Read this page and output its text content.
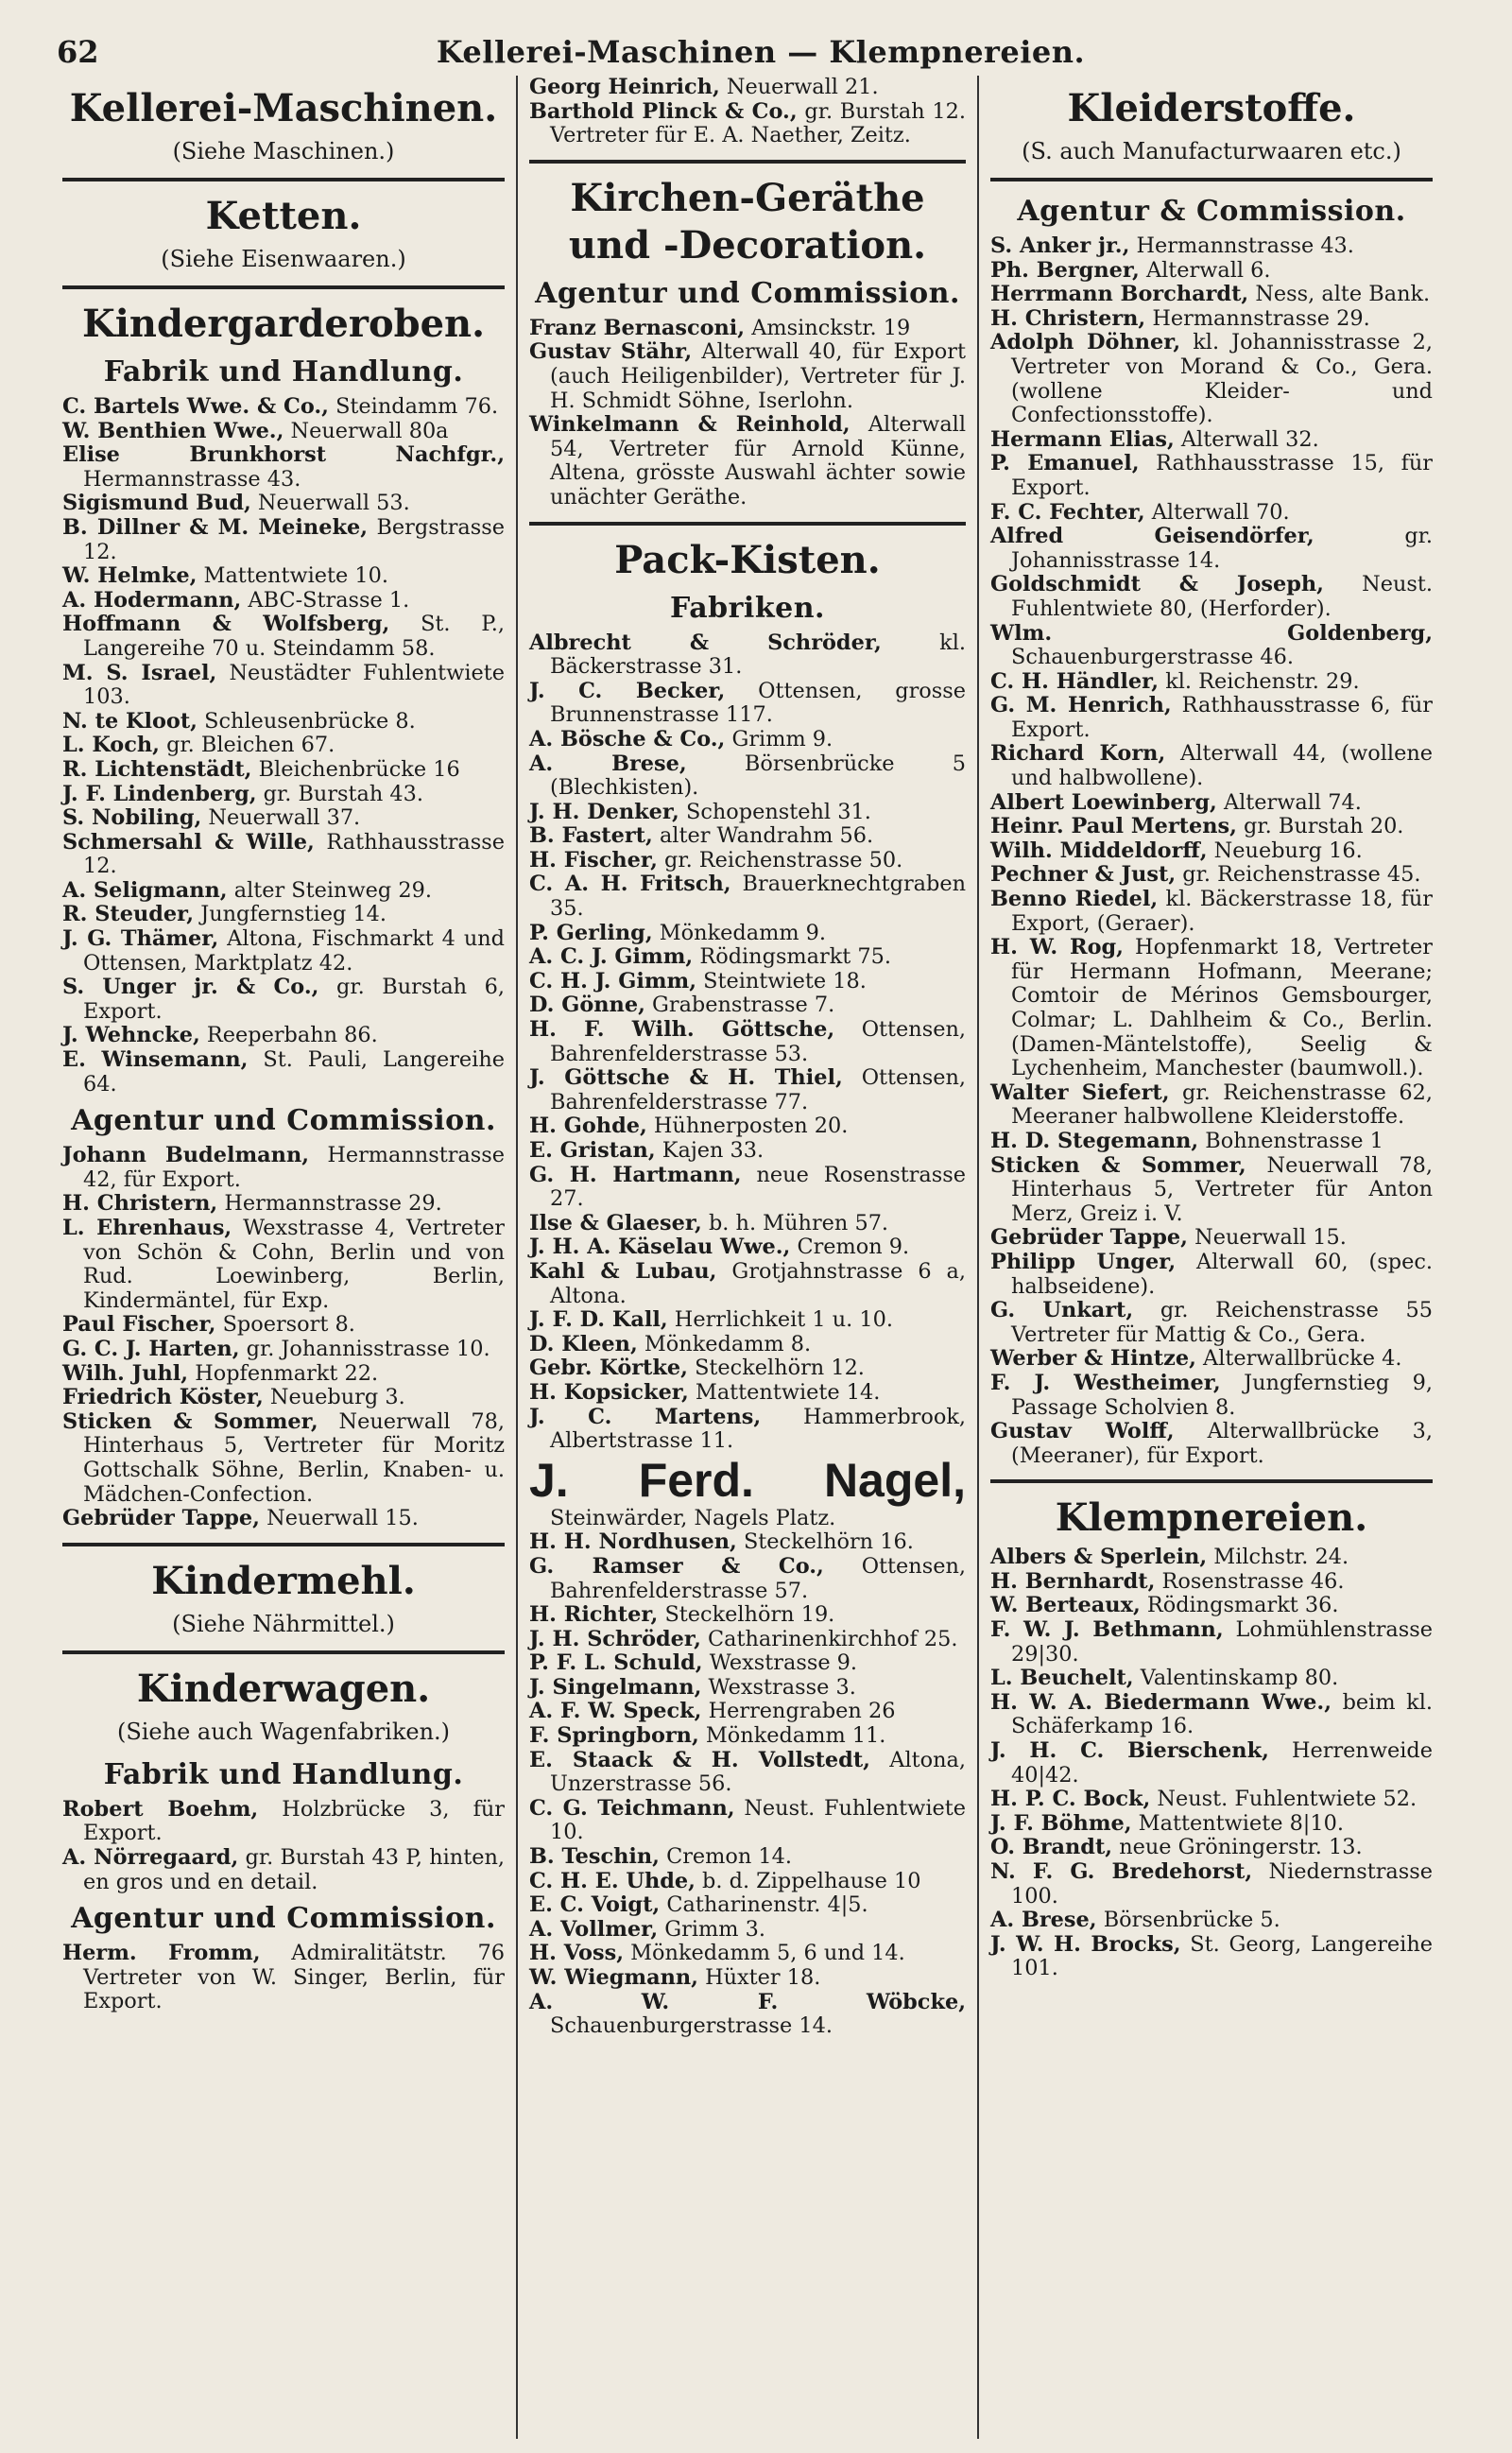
62	Kellerei-Maschinen — Klempnereien.
Kellerei-Maschinen.
(Siehe Maschinen.)
Ketten.
(Siehe Eisenwaaren.)
Kindergarderoben.
Fabrik und Handlung.
C. Bartels Wwe. & Co., Steindamm 76.
W. Benthien Wwe., Neuerwall 80a
Elise Brunkhorst Nachfgr., Hermannstrasse 43.
Sigismund Bud, Neuerwall 53.
B. Dillner & M. Meineke, Bergstrasse 12.
W. Helmke, Mattentwiete 10.
A. Hodermann, ABC-Strasse 1.
Hoffmann & Wolfsberg, St. P., Langereihe 70 u. Steindamm 58.
M. S. Israel, Neustädter Fuhlentwiete 103.
N. te Kloot, Schleusenbrücke 8.
L. Koch, gr. Bleichen 67.
R. Lichtenstädt, Bleichenbrücke 16
J. F. Lindenberg, gr. Burstah 43.
S. Nobiling, Neuerwall 37.
Schmersahl & Wille, Rathhausstrasse 12.
A. Seligmann, alter Steinweg 29.
R. Steuder, Jungfernstieg 14.
J. G. Thämer, Altona, Fischmarkt 4 und Ottensen, Marktplatz 42.
S. Unger jr. & Co., gr. Burstah 6, Export.
J. Wehncke, Reeperbahn 86.
E. Winsemann, St. Pauli, Langereihe 64.
Agentur und Commission.
Johann Budelmann, Hermannstrasse 42, für Export.
H. Christern, Hermannstrasse 29.
L. Ehrenhaus, Wexstrasse 4, Vertreter von Schön & Cohn, Berlin und von Rud. Loewinberg, Berlin, Kindermäntel, für Exp.
Paul Fischer, Spoersort 8.
G. C. J. Harten, gr. Johannisstrasse 10.
Wilh. Juhl, Hopfenmarkt 22.
Friedrich Köster, Neueburg 3.
Sticken & Sommer, Neuerwall 78, Hinterhaus 5, Vertreter für Moritz Gottschalk Söhne, Berlin, Knaben- u. Mädchen-Confection.
Gebrüder Tappe, Neuerwall 15.
Kindermehl.
(Siehe Nährmittel.)
Kinderwagen.
(Siehe auch Wagenfabriken.)
Fabrik und Handlung.
Robert Boehm, Holzbrücke 3, für Export.
A. Nörregaard, gr. Burstah 43 P, hinten, en gros und en detail.
Agentur und Commission.
Herm. Fromm, Admiralitätstr. 76 Vertreter von W. Singer, Berlin, für Export.
Georg Heinrich, Neuerwall 21.
Barthold Plinck & Co., gr. Burstah 12. Vertreter für E. A. Naether, Zeitz.
Kirchen-Geräthe und -Decoration.
Agentur und Commission.
Franz Bernasconi, Amsinckstr. 19
Gustav Stähr, Alterwall 40, für Export (auch Heiligenbilder), Vertreter für J. H. Schmidt Söhne, Iserlohn.
Winkelmann & Reinhold, Alterwall 54, Vertreter für Arnold Künne, Altena, grösste Auswahl ächter sowie unächter Geräthe.
Pack-Kisten.
Fabriken.
Albrecht & Schröder, kl. Bäckerstrasse 31.
J. C. Becker, Ottensen, grosse Brunnenstrasse 117.
A. Bösche & Co., Grimm 9.
A. Brese, Börsenbrücke 5 (Blechkisten).
J. H. Denker, Schopenstehl 31.
B. Fastert, alter Wandrahm 56.
H. Fischer, gr. Reichenstrasse 50.
C. A. H. Fritsch, Brauerknechtgraben 35.
P. Gerling, Mönkedamm 9.
A. C. J. Gimm, Rödingsmarkt 75.
C. H. J. Gimm, Steintwiete 18.
D. Gönne, Grabenstrasse 7.
H. F. Wilh. Göttsche, Ottensen, Bahrenfelderstrasse 53.
J. Göttsche & H. Thiel, Ottensen, Bahrenfelderstrasse 77.
H. Gohde, Hühnerposten 20.
E. Gristan, Kajen 33.
G. H. Hartmann, neue Rosenstrasse 27.
Ilse & Glaeser, b. h. Mühren 57.
J. H. A. Käselau Wwe., Cremon 9.
Kahl & Lubau, Grotjahnstrasse 6 a, Altona.
J. F. D. Kall, Herrlichkeit 1 u. 10.
D. Kleen, Mönkedamm 8.
Gebr. Körtke, Steckelhörn 12.
H. Kopsicker, Mattentwiete 14.
J. C. Martens, Hammerbrook, Albertstrasse 11.
J. Ferd. Nagel, Steinwärder, Nagels Platz.
H. H. Nordhusen, Steckelhörn 16.
G. Ramser & Co., Ottensen, Bahrenfelderstrasse 57.
H. Richter, Steckelhörn 19.
J. H. Schröder, Catharinenkirchhof 25.
P. F. L. Schuld, Wexstrasse 9.
J. Singelmann, Wexstrasse 3.
A. F. W. Speck, Herrengraben 26
F. Springborn, Mönkedamm 11.
E. Staack & H. Vollstedt, Altona, Unzerstrasse 56.
C. G. Teichmann, Neust. Fuhlentwiete 10.
B. Teschin, Cremon 14.
C. H. E. Uhde, b. d. Zippelhause 10
E. C. Voigt, Catharinenstr. 4|5.
A. Vollmer, Grimm 3.
H. Voss, Mönkedamm 5, 6 und 14.
W. Wiegmann, Hüxter 18.
A. W. F. Wöbcke, Schauenburgerstrasse 14.
Kleiderstoffe.
(S. auch Manufacturwaaren etc.)
Agentur & Commission.
S. Anker jr., Hermannstrasse 43.
Ph. Bergner, Alterwall 6.
Herrmann Borchardt, Ness, alte Bank.
H. Christern, Hermannstrasse 29.
Adolph Döhner, kl. Johannisstrasse 2, Vertreter von Morand & Co., Gera. (wollene Kleider- und Confectionsstoffe).
Hermann Elias, Alterwall 32.
P. Emanuel, Rathhausstrasse 15, für Export.
F. C. Fechter, Alterwall 70.
Alfred Geisendörfer, gr. Johannisstrasse 14.
Goldschmidt & Joseph, Neust. Fuhlentwiete 80, (Herforder).
Wlm. Goldenberg, Schauenburgerstrasse 46.
C. H. Händler, kl. Reichenstr. 29.
G. M. Henrich, Rathhausstrasse 6, für Export.
Richard Korn, Alterwall 44, (wollene und halbwollene).
Albert Loewinberg, Alterwall 74.
Heinr. Paul Mertens, gr. Burstah 20.
Wilh. Middeldorff, Neueburg 16.
Pechner & Just, gr. Reichenstrasse 45.
Benno Riedel, kl. Bäckerstrasse 18, für Export, (Geraer).
H. W. Rog, Hopfenmarkt 18, Vertreter für Hermann Hofmann, Meerane; Comtoir de Mérinos Gemsbourger, Colmar; L. Dahlheim & Co., Berlin. (Damen-Mäntelstoffe), Seelig & Lychenheim, Manchester (baumwoll.).
Walter Siefert, gr. Reichenstrasse 62, Meeraner halbwollene Kleiderstoffe.
H. D. Stegemann, Bohnenstrasse 1
Sticken & Sommer, Neuerwall 78, Hinterhaus 5, Vertreter für Anton Merz, Greiz i. V.
Gebrüder Tappe, Neuerwall 15.
Philipp Unger, Alterwall 60, (spec. halbseidene).
G. Unkart, gr. Reichenstrasse 55 Vertreter für Mattig & Co., Gera.
Werber & Hintze, Alterwallbrücke 4.
F. J. Westheimer, Jungfernstieg 9, Passage Scholvien 8.
Gustav Wolff, Alterwallbrücke 3, (Meeraner), für Export.
Klempnereien.
Albers & Sperlein, Milchstr. 24.
H. Bernhardt, Rosenstrasse 46.
W. Berteaux, Rödingsmarkt 36.
F. W. J. Bethmann, Lohmühlenstrasse 29|30.
L. Beuchelt, Valentinskamp 80.
H. W. A. Biedermann Wwe., beim kl. Schäferkamp 16.
J. H. C. Bierschenk, Herrenweide 40|42.
H. P. C. Bock, Neust. Fuhlentwiete 52.
J. F. Böhme, Mattentwiete 8|10.
O. Brandt, neue Gröningerstr. 13.
N. F. G. Bredehorst, Niedernstrasse 100.
A. Brese, Börsenbrücke 5.
J. W. H. Brocks, St. Georg, Langereihe 101.
